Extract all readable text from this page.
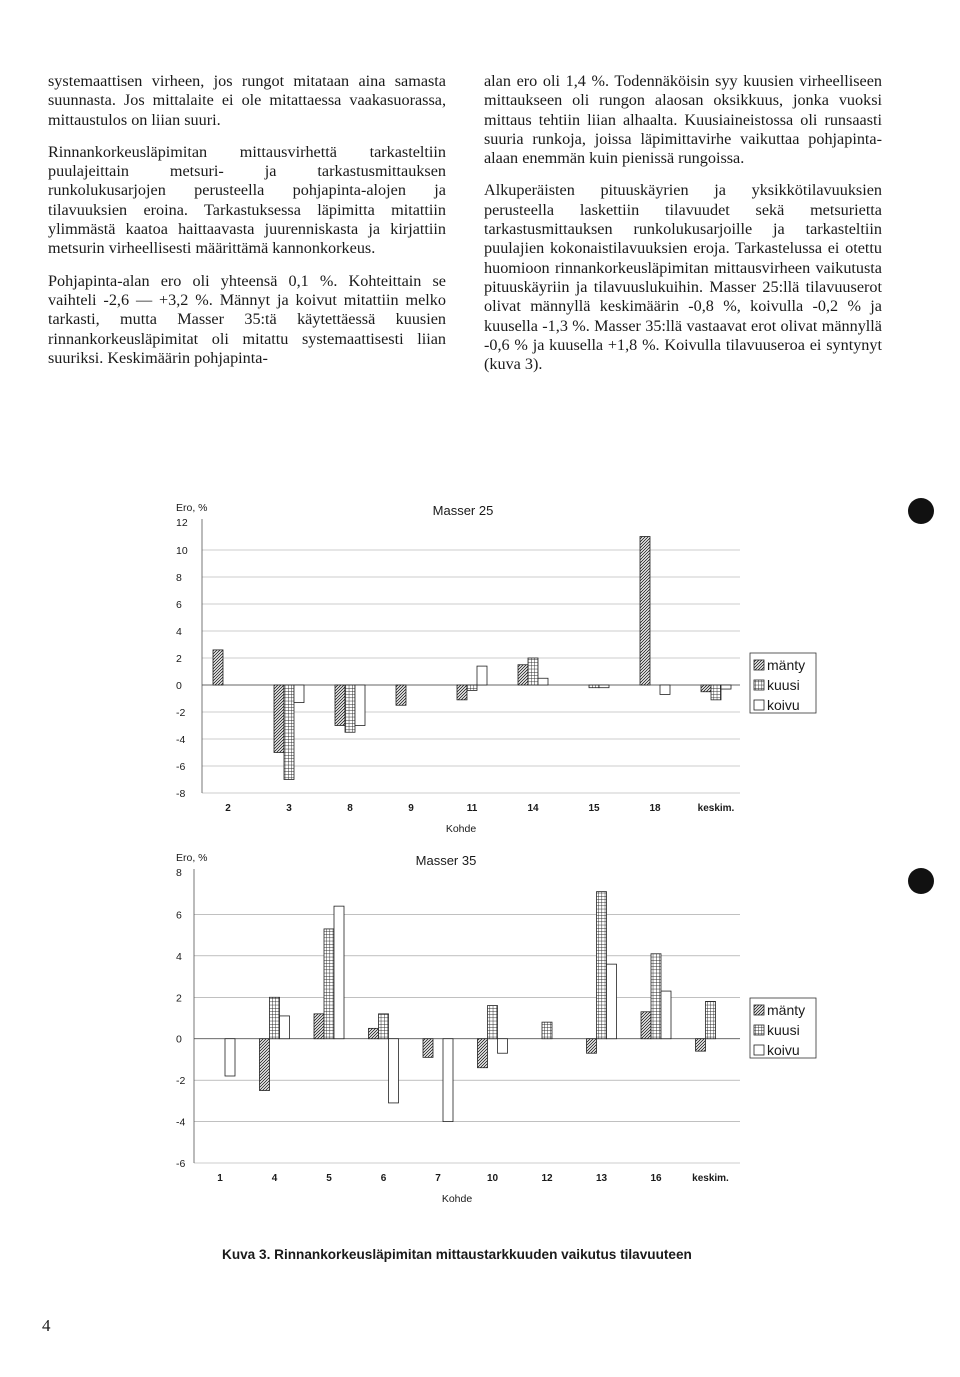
systemaattisen virheen, jos rungot mitataan aina samasta suunnasta. Jos mittalaite ei ole mitattaessa vaakasuorassa, mittaustulos on liian suuri.

Rinnankorkeusläpimitan mittausvirhettä tarkasteltiin puulajeittain metsuri- ja tarkastusmittauksen runkolukusarjojen perusteella pohjapinta-alojen ja tilavuuksien eroina. Tarkastuksessa läpimitta mitattiin ylimmästä kaatoa haittaavasta juurenniskasta ja kirjattiin metsurin virheellisesti määrittämä kannonkorkeus.

Pohjapinta-alan ero oli yhteensä 0,1 %. Kohteittain se vaihteli -2,6 — +3,2 %. Männyt ja koivut mitattiin melko tarkasti, mutta Masser 35:tä käytettäessä kuusien rinnankorkeusläpimitat oli mitattu systemaattisesti liian suuriksi. Keskimäärin pohjapinta-

alan ero oli 1,4 %. Todennäköisin syy kuusien virheelliseen mittaukseen oli rungon alaosan oksikkuus, jonka vuoksi mittaus tehtiin liian alhaalta. Kuusiaineistossa oli runsaasti suuria runkoja, joissa läpimittavirhe vaikuttaa pohjapinta-alaan enemmän kuin pienissä rungoissa.

Alkuperäisten pituuskäyrien ja yksikkötilavuuksien perusteella laskettiin tilavuudet sekä metsurietta tarkastusmittauksen runkolukusarjoille ja tarkasteltiin puulajien kokonaistilavuuksien eroja. Tarkastelussa ei otettu huomioon rinnankorkeusläpimitan mittausvirheen vaikutusta pituuskäyriin ja tilavuuslukuihin. Masser 25:llä tilavuuserot olivat männyllä keskimäärin -0,8 %, koivulla -0,2 % ja kuusella -1,3 %. Masser 35:llä vastaavat erot olivat männyllä -0,6 % ja kuusella +1,8 %. Koivulla tilavuuseroa ei syntynyt (kuva 3).

12
10
8
6
4
2
0
-2
-4
-6
-8
Masser 25
Ero, %
Kohde
2	3	8	9	11	14	15	18	keskim.
mänty
kuusi
koivu
8
6
4
2
0
-2
-4
-6
Masser 35
Ero, %
Kohde
1	4	5	6	7	10	12	13	16	keskim.
mänty
kuusi
koivu
Kuva 3. Rinnankorkeusläpimitan mittaustarkkuuden vaikutus tilavuuteen
4
